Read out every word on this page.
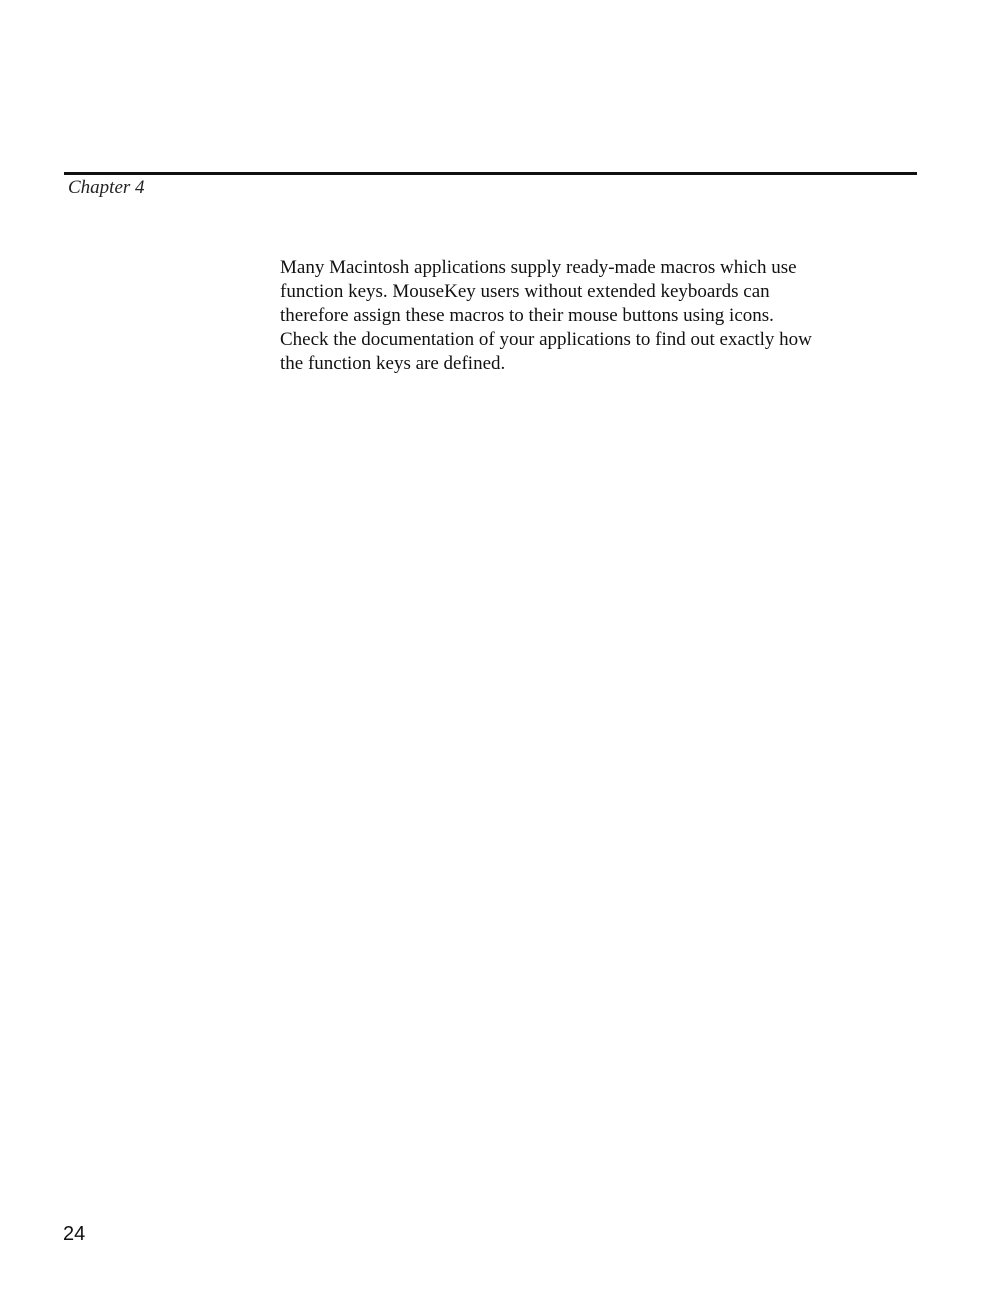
Chapter 4

Many Macintosh applications supply ready-made macros which use
function keys. MouseKey users without extended keyboards can
therefore assign these macros to their mouse buttons using icons.
Check the documentation of your applications to find out exactly how
the function keys are defined.

24
